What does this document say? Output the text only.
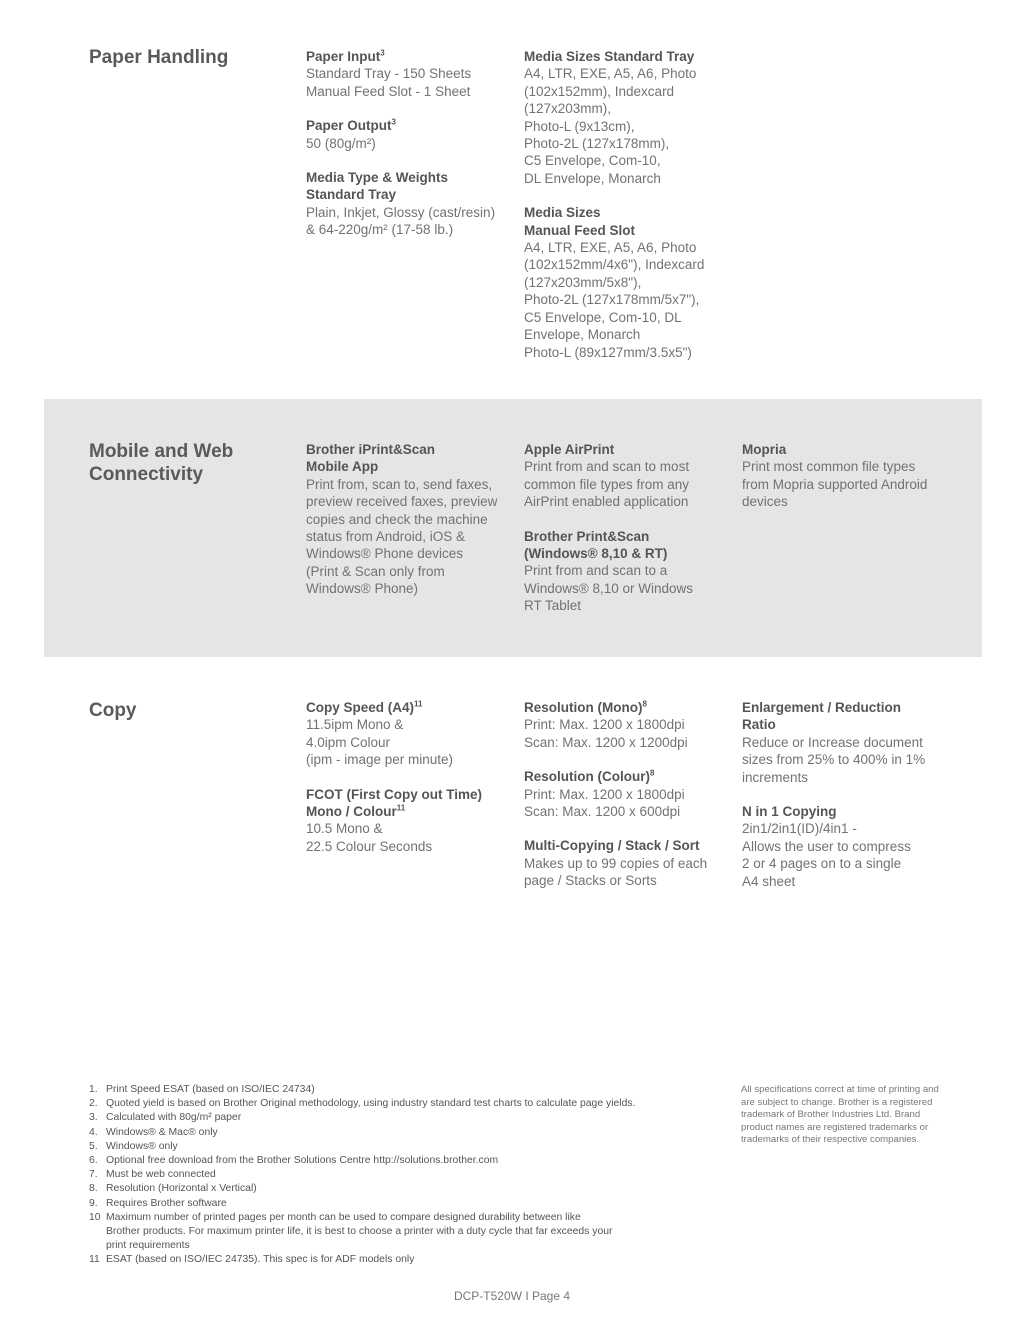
Paper Handling	Paper Input$^3$

Standard Tray - 150 Sheets
Manual Feed Slot - 1 Sheet

Paper Output$^3$

50 (80g/m²)

Media Type & Weights
Standard Tray

Plain, Inkjet, Glossy (cast/resin)
& 64-220g/m² (17-58 lb.)

Media Sizes Standard Tray

A4, LTR, EXE, A5, A6, Photo
(102x152mm), Indexcard
(127x203mm),
Photo-L (9x13cm),
Photo-2L (127x178mm),
C5 Envelope, Com-10,
DL Envelope, Monarch

Media Sizes
Manual Feed Slot

A4, LTR, EXE, A5, A6, Photo
(102x152mm/4x6"), Indexcard
(127x203mm/5x8"),
Photo-2L (127x178mm/5x7"),
C5 Envelope, Com-10, DL
Envelope, Monarch
Photo-L (89x127mm/3.5x5")

Mobile and Web
Connectivity

Brother iPrint&Scan
Mobile App

Print from, scan to, send faxes,
preview received faxes, preview
copies and check the machine
status from Android, iOS &
Windows® Phone devices
(Print & Scan only from
Windows® Phone)

Apple AirPrint

Print from and scan to most
common file types from any
AirPrint enabled application

Brother Print&Scan
(Windows® 8,10 & RT)

Print from and scan to a
Windows® 8,10 or Windows
RT Tablet

Mopria

Print most common file types
from Mopria supported Android
devices

Copy	Copy Speed $(A4)^{11}$

11.5ipm Mono &
4.0ipm Colour
(ipm - image per minute)

FCOT (First Copy out Time)
Mono / Colour$^{11}$

10.5 Mono &
22.5 Colour Seconds

Resolution (Mono)$^8$

Print: Max. 1200 x 1800dpi
Scan: Max. 1200 x 1200dpi

Resolution (Colour)$^8$

Print: Max. 1200 x 1800dpi
Scan: Max. 1200 x 600dpi

Multi-Copying / Stack / Sort

Makes up to 99 copies of each
page / Stacks or Sorts

Enlargement / Reduction
Ratio

Reduce or Increase document
sizes from 25% to 400% in 1%
increments

N in 1 Copying

2in1/2in1(ID)/4in1 -
Allows the user to compress
2 or 4 pages on to a single
A4 sheet

1. Print Speed ESAT (based on ISO/IEC 24734)
2. Quoted yield is based on Brother Original methodology, using industry standard test charts to calculate page yields.
3. Calculated with 80g/m² paper
4. Windows® & Mac® only
5. Windows® only
6. Optional free download from the Brother Solutions Centre http://solutions.brother.com
7. Must be web connected
8. Resolution (Horizontal x Vertical)
9. Requires Brother software
10 Maximum number of printed pages per month can be used to compare designed durability between like
Brother products. For maximum printer life, it is best to choose a printer with a duty cycle that far exceeds your
print requirements
11 ESAT (based on ISO/IEC 24735). This spec is for ADF models only

All specifications correct at time of printing and are subject to change. Brother is a registered trademark of Brother Industries Ltd. Brand product names are registered trademarks or trademarks of their respective companies.

DCP-T520W I Page 4
